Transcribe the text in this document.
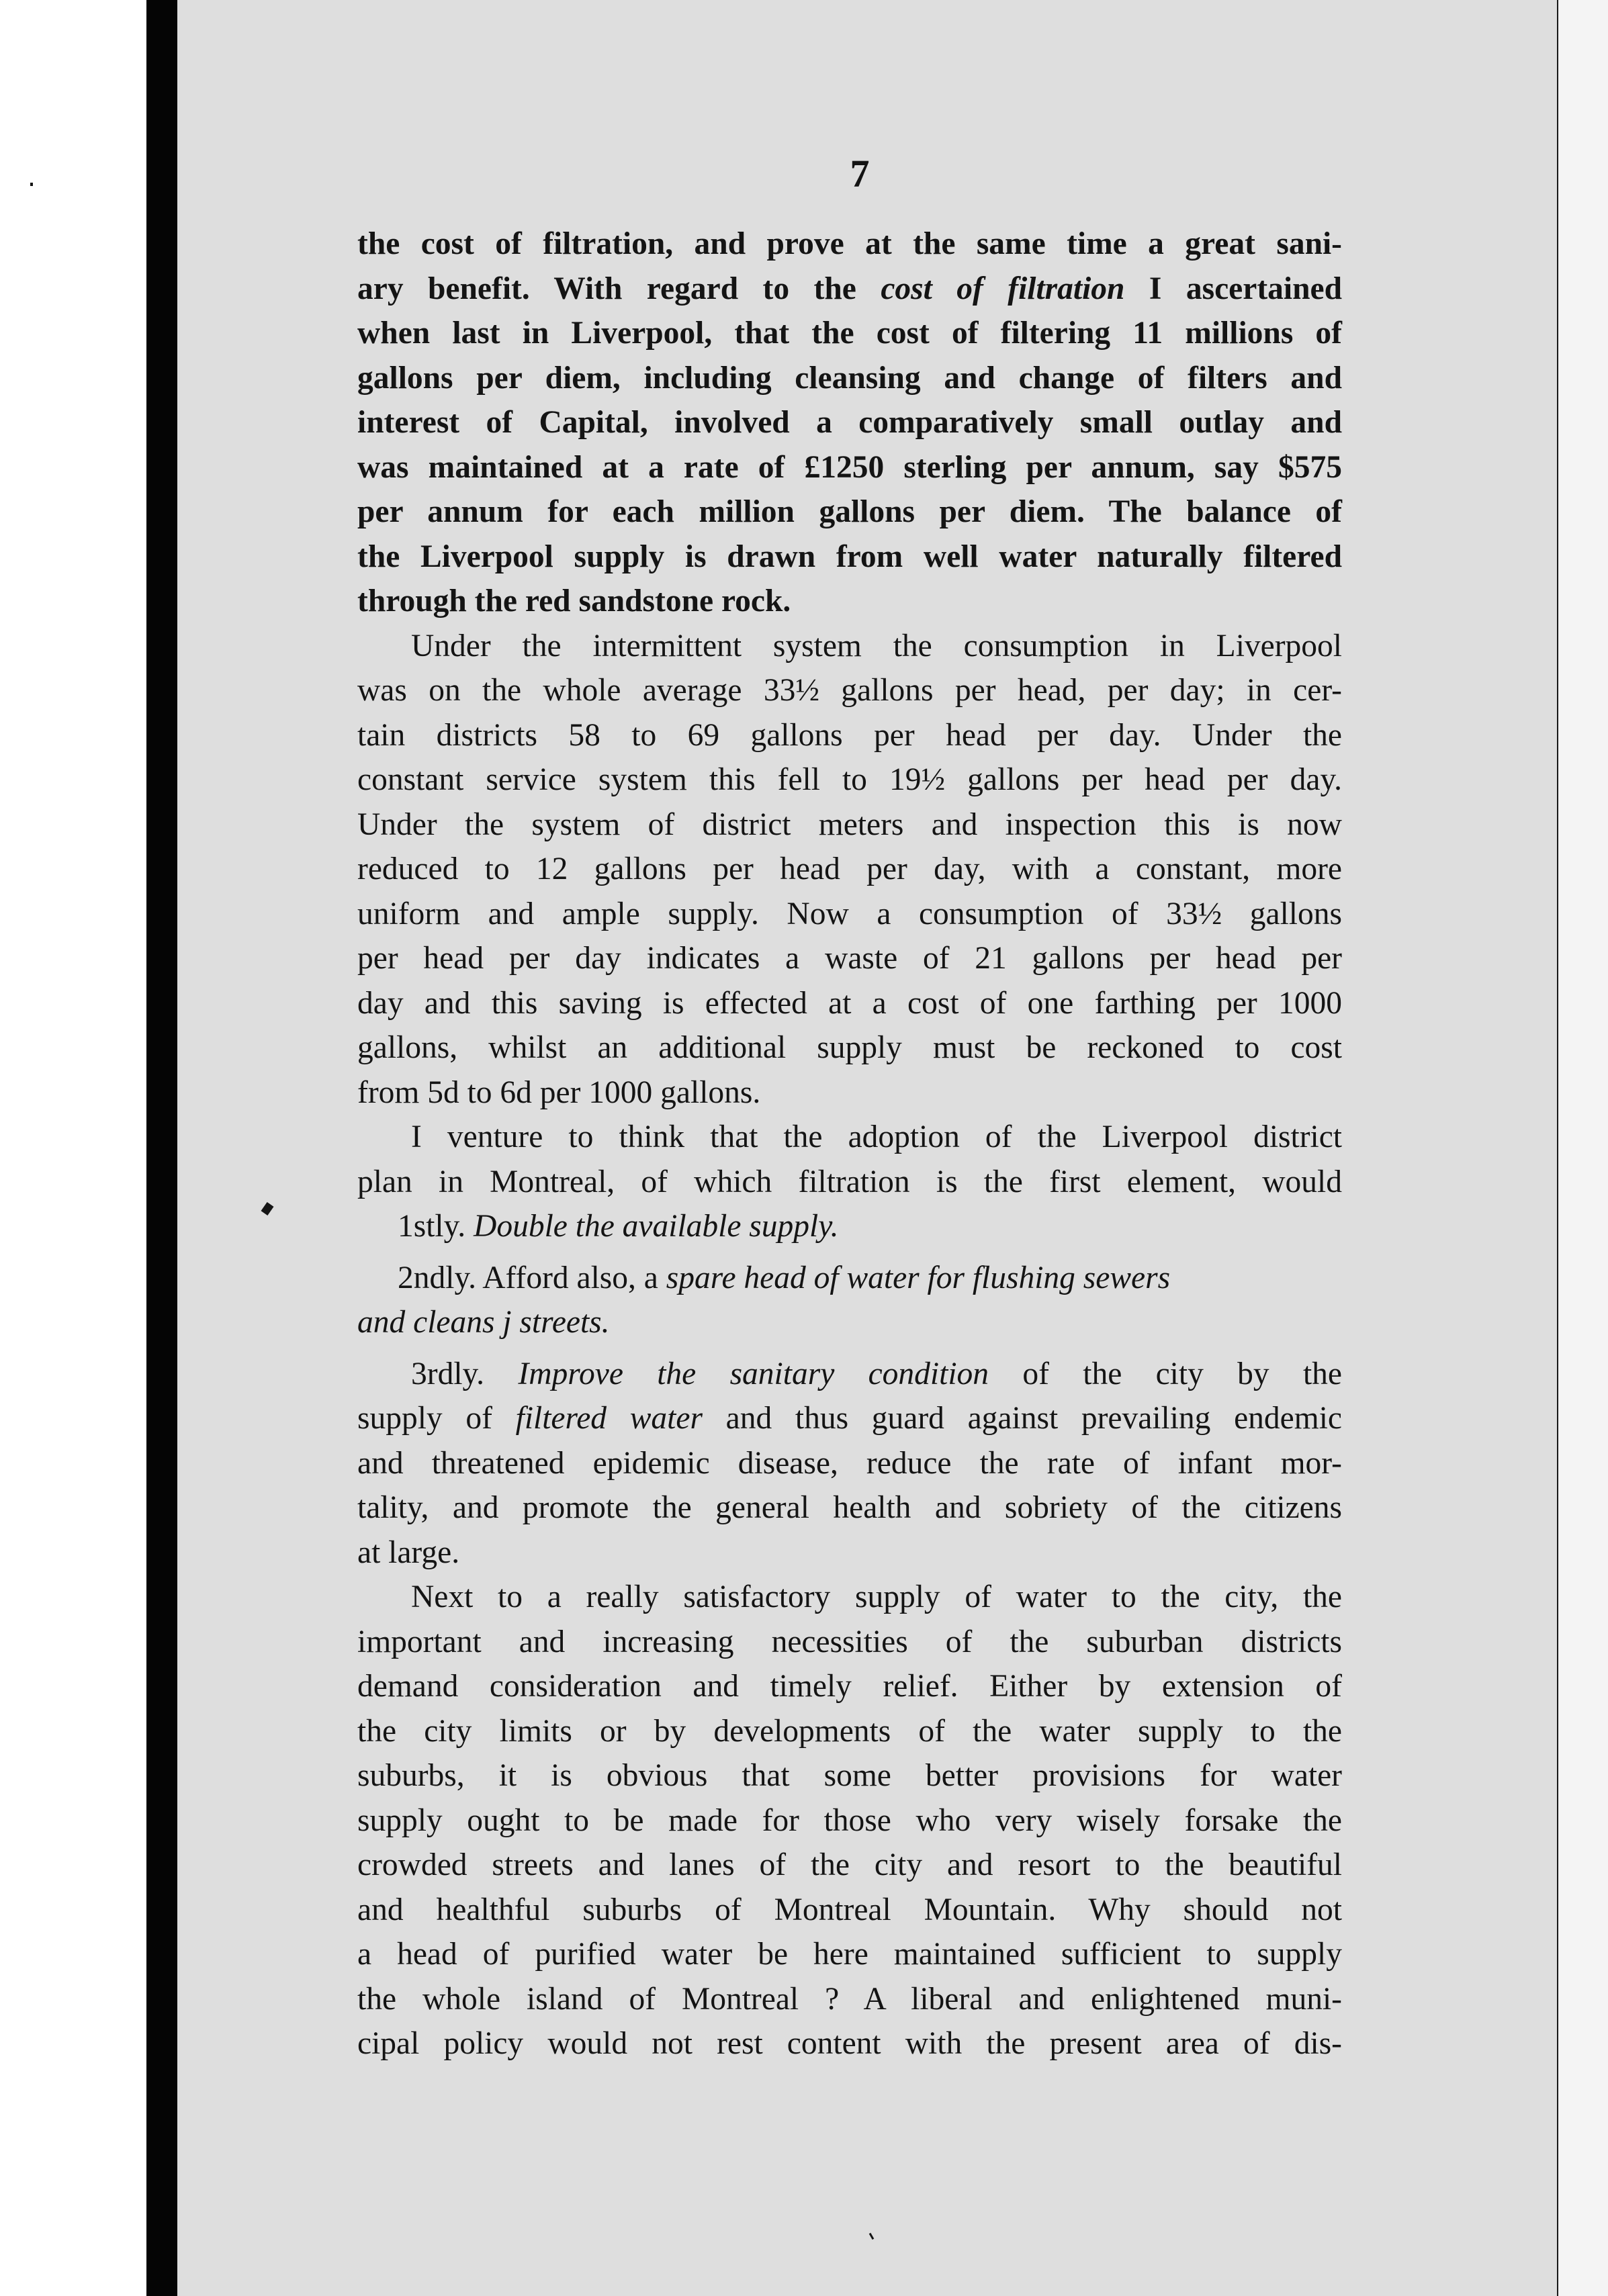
7
the cost of filtration, and prove at the same time a great sani-
ary benefit. With regard to the cost of filtration I ascertained
when last in Liverpool, that the cost of filtering 11 millions of
gallons per diem, including cleansing and change of filters and
interest of Capital, involved a comparatively small outlay and
was maintained at a rate of £1250 sterling per annum, say $575
per annum for each million gallons per diem. The balance of
the Liverpool supply is drawn from well water naturally filtered
through the red sandstone rock.
Under the intermittent system the consumption in Liverpool
was on the whole average 33½ gallons per head, per day; in cer-
tain districts 58 to 69 gallons per head per day. Under the
constant service system this fell to 19½ gallons per head per day.
Under the system of district meters and inspection this is now
reduced to 12 gallons per head per day, with a constant, more
uniform and ample supply. Now a consumption of 33½ gallons
per head per day indicates a waste of 21 gallons per head per
day and this saving is effected at a cost of one farthing per 1000
gallons, whilst an additional supply must be reckoned to cost
from 5d to 6d per 1000 gallons.
I venture to think that the adoption of the Liverpool district
plan in Montreal, of which filtration is the first element, would
1stly. Double the available supply.
2ndly. Afford also, a spare head of water for flushing sewers
and cleans j streets.
3rdly. Improve the sanitary condition of the city by the
supply of filtered water and thus guard against prevailing endemic
and threatened epidemic disease, reduce the rate of infant mor-
tality, and promote the general health and sobriety of the citizens
at large.
Next to a really satisfactory supply of water to the city, the
important and increasing necessities of the suburban districts
demand consideration and timely relief. Either by extension of
the city limits or by developments of the water supply to the
suburbs, it is obvious that some better provisions for water
supply ought to be made for those who very wisely forsake the
crowded streets and lanes of the city and resort to the beautiful
and healthful suburbs of Montreal Mountain. Why should not
a head of purified water be here maintained sufficient to supply
the whole island of Montreal ? A liberal and enlightened muni-
cipal policy would not rest content with the present area of dis-
